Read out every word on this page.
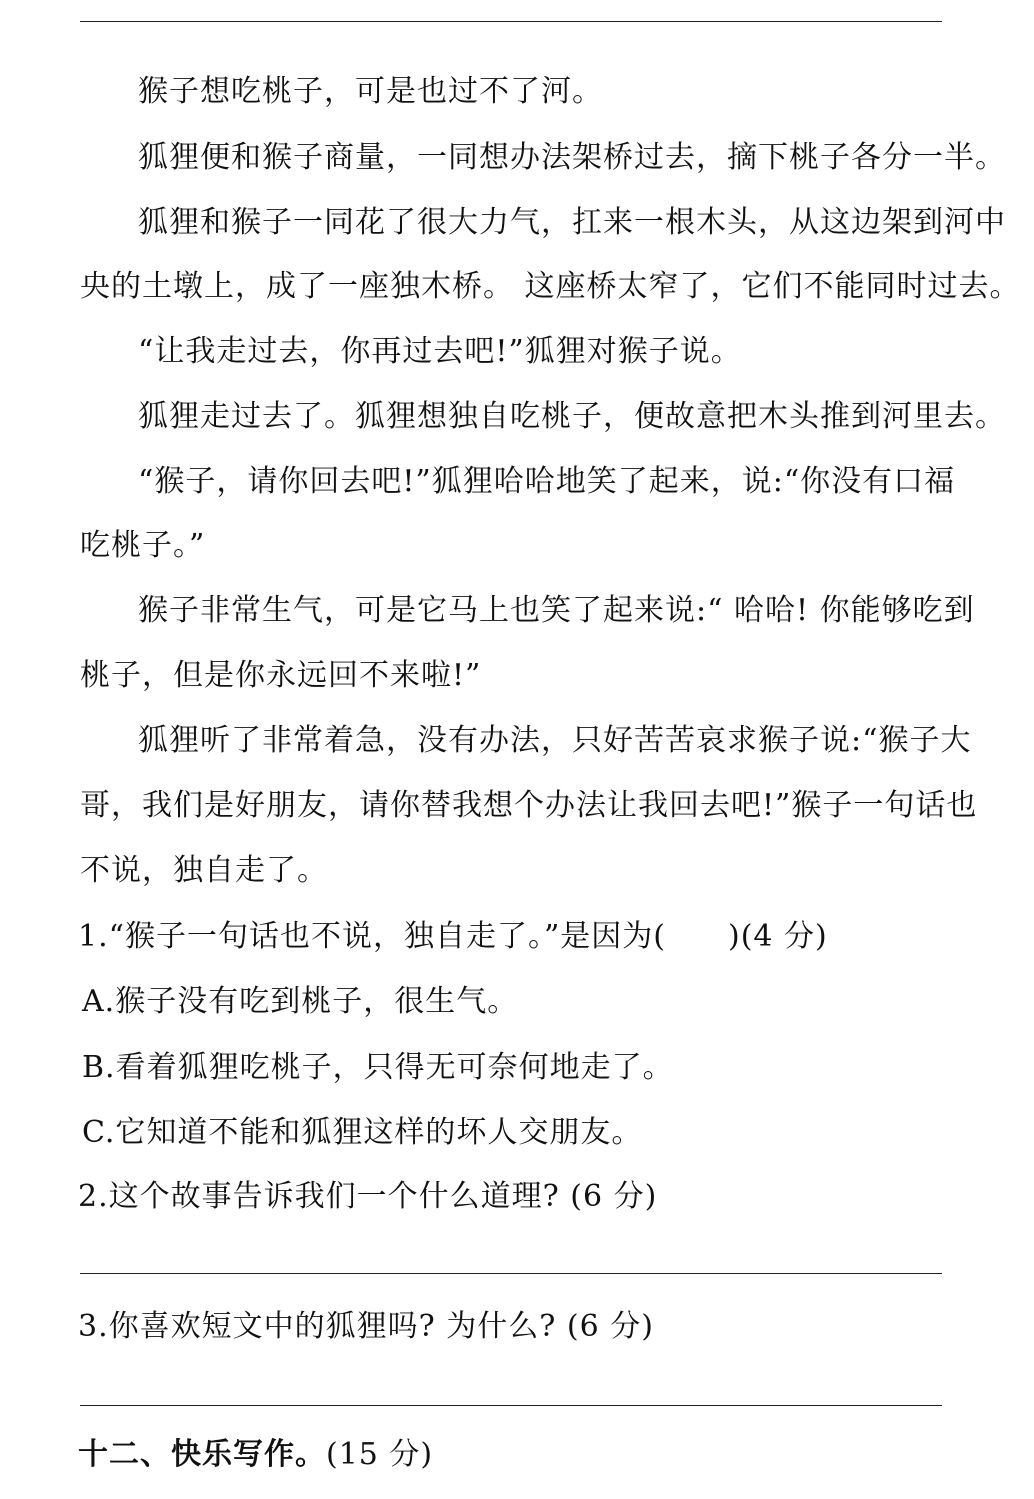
猴子想吃桃子，可是也过不了河。
狐狸便和猴子商量，一同想办法架桥过去，摘下桃子各分一半。
狐狸和猴子一同花了很大力气，扛来一根木头，从这边架到河中
央的土墩上，成了一座独木桥。 这座桥太窄了，它们不能同时过去。
“让我走过去，你再过去吧!”狐狸对猴子说。
狐狸走过去了。狐狸想独自吃桃子，便故意把木头推到河里去。
“猴子，请你回去吧!”狐狸哈哈地笑了起来，说:“你没有口福
吃桃子。”
猴子非常生气，可是它马上也笑了起来说:“ 哈哈! 你能够吃到
桃子，但是你永远回不来啦!”
狐狸听了非常着急，没有办法，只好苦苦哀求猴子说:“猴子大
哥，我们是好朋友，请你替我想个办法让我回去吧!”猴子一句话也
不说，独自走了。
1.“猴子一句话也不说，独自走了。”是因为(　　)(4 分)
A.猴子没有吃到桃子，很生气。
B.看着狐狸吃桃子，只得无可奈何地走了。
C.它知道不能和狐狸这样的坏人交朋友。
2.这个故事告诉我们一个什么道理? (6 分)
3.你喜欢短文中的狐狸吗? 为什么? (6 分)
十二、快乐写作。(15 分)
